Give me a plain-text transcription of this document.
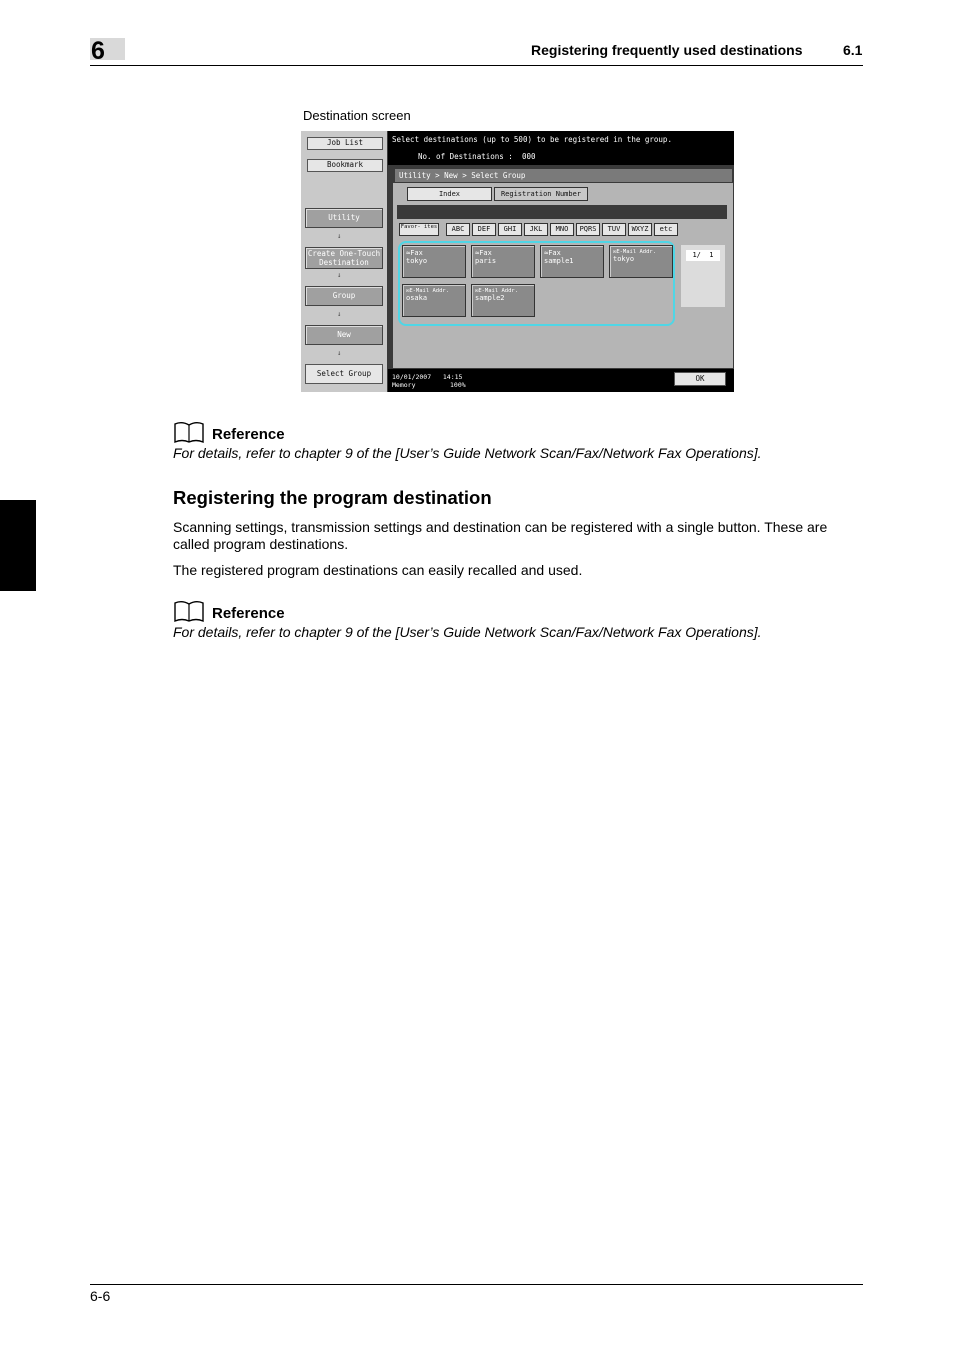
6	Registering frequently used destinations	6.1
Destination screen
Job List
Bookmark
Utility
↓
Create One-Touch Destination
↓
Group
↓
New
↓
Select Group
Select destinations (up to 500) to be registered in the group.
No. of Destinations : 000
Utility > New > Select Group
Index	Registration Number
Favor- ites	ABC	DEF	GHI	JKL	MNO	PQRS	TUV	WXYZ	etc
≈Fax
tokyo
≈Fax
paris
≈Fax
sample1
✉E-Mail Addr.
tokyo
✉E-Mail Addr.
osaka
✉E-Mail Addr.
sample2
1/  1
10/01/2007   14:15
Memory	100%
OK
Reference
For details, refer to chapter 9 of the [User’s Guide Network Scan/Fax/Network Fax Operations].
Registering the program destination
Scanning settings, transmission settings and destination can be registered with a single button. These are called program destinations.
The registered program destinations can easily recalled and used.
Reference
For details, refer to chapter 9 of the [User’s Guide Network Scan/Fax/Network Fax Operations].
6-6
